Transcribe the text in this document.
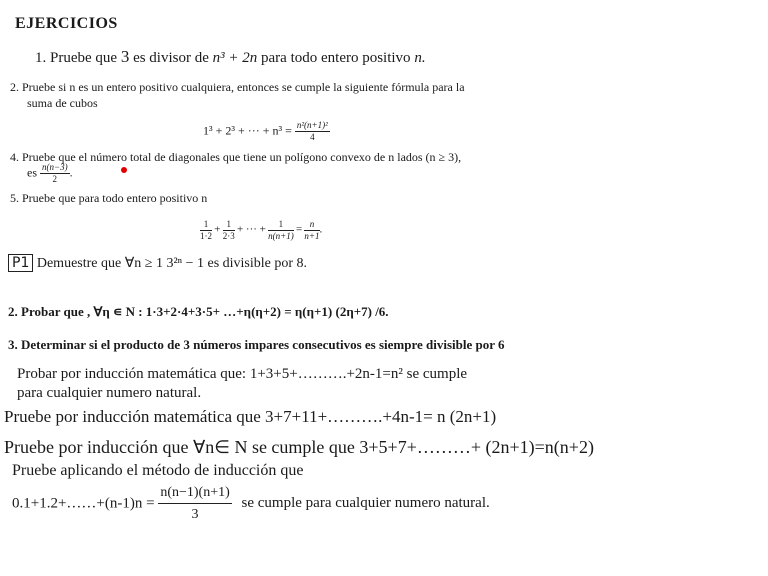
EJERCICIOS
1. Pruebe que 3 es divisor de n³ + 2n para todo entero positivo n.
2. Pruebe si n es un entero positivo cualquiera, entonces se cumple la siguiente fórmula para la
suma de cubos
1³ + 2³ + ··· + $n^3 = \frac{\text{n²(n+1)²}}{4}$
4. Pruebe que el número total de diagonales que tiene un polígono convexo de n lados (n ≥ 3),
es $\frac{n(n-3)}{2}$ .
5. Pruebe que para todo entero positivo n
$\frac{1}{1\cdot 2} + \frac{1}{2\cdot 3}$ + ··· + $\frac{1}{n(n+1)} = \frac{n}{n+1}$ .
P1 Demuestre que ∀n ≥ 1 3²ⁿ − 1 es divisible por 8.
2. Probar que , ∀η ∊ N : 1·3+2·4+3·5+ …+η(η+2) = η(η+1) (2η+7) /6.
3. Determinar si el producto de 3 números impares consecutivos es siempre divisible por 6
Probar por inducción matemática que: 1+3+5+……….+2n-1=n² se cumple
para cualquier numero natural.
Pruebe por inducción matemática que 3+7+11+……….+4n-1= n (2n+1)
Pruebe por inducción que ∀n∈ N se cumple que 3+5+7+………+ (2n+1)=n(n+2)
Pruebe aplicando el método de inducción que
0.1+1.2+……+(n-1)n = $\frac{n(n-1)(n+1)}{3}$ se cumple para cualquier numero natural.
